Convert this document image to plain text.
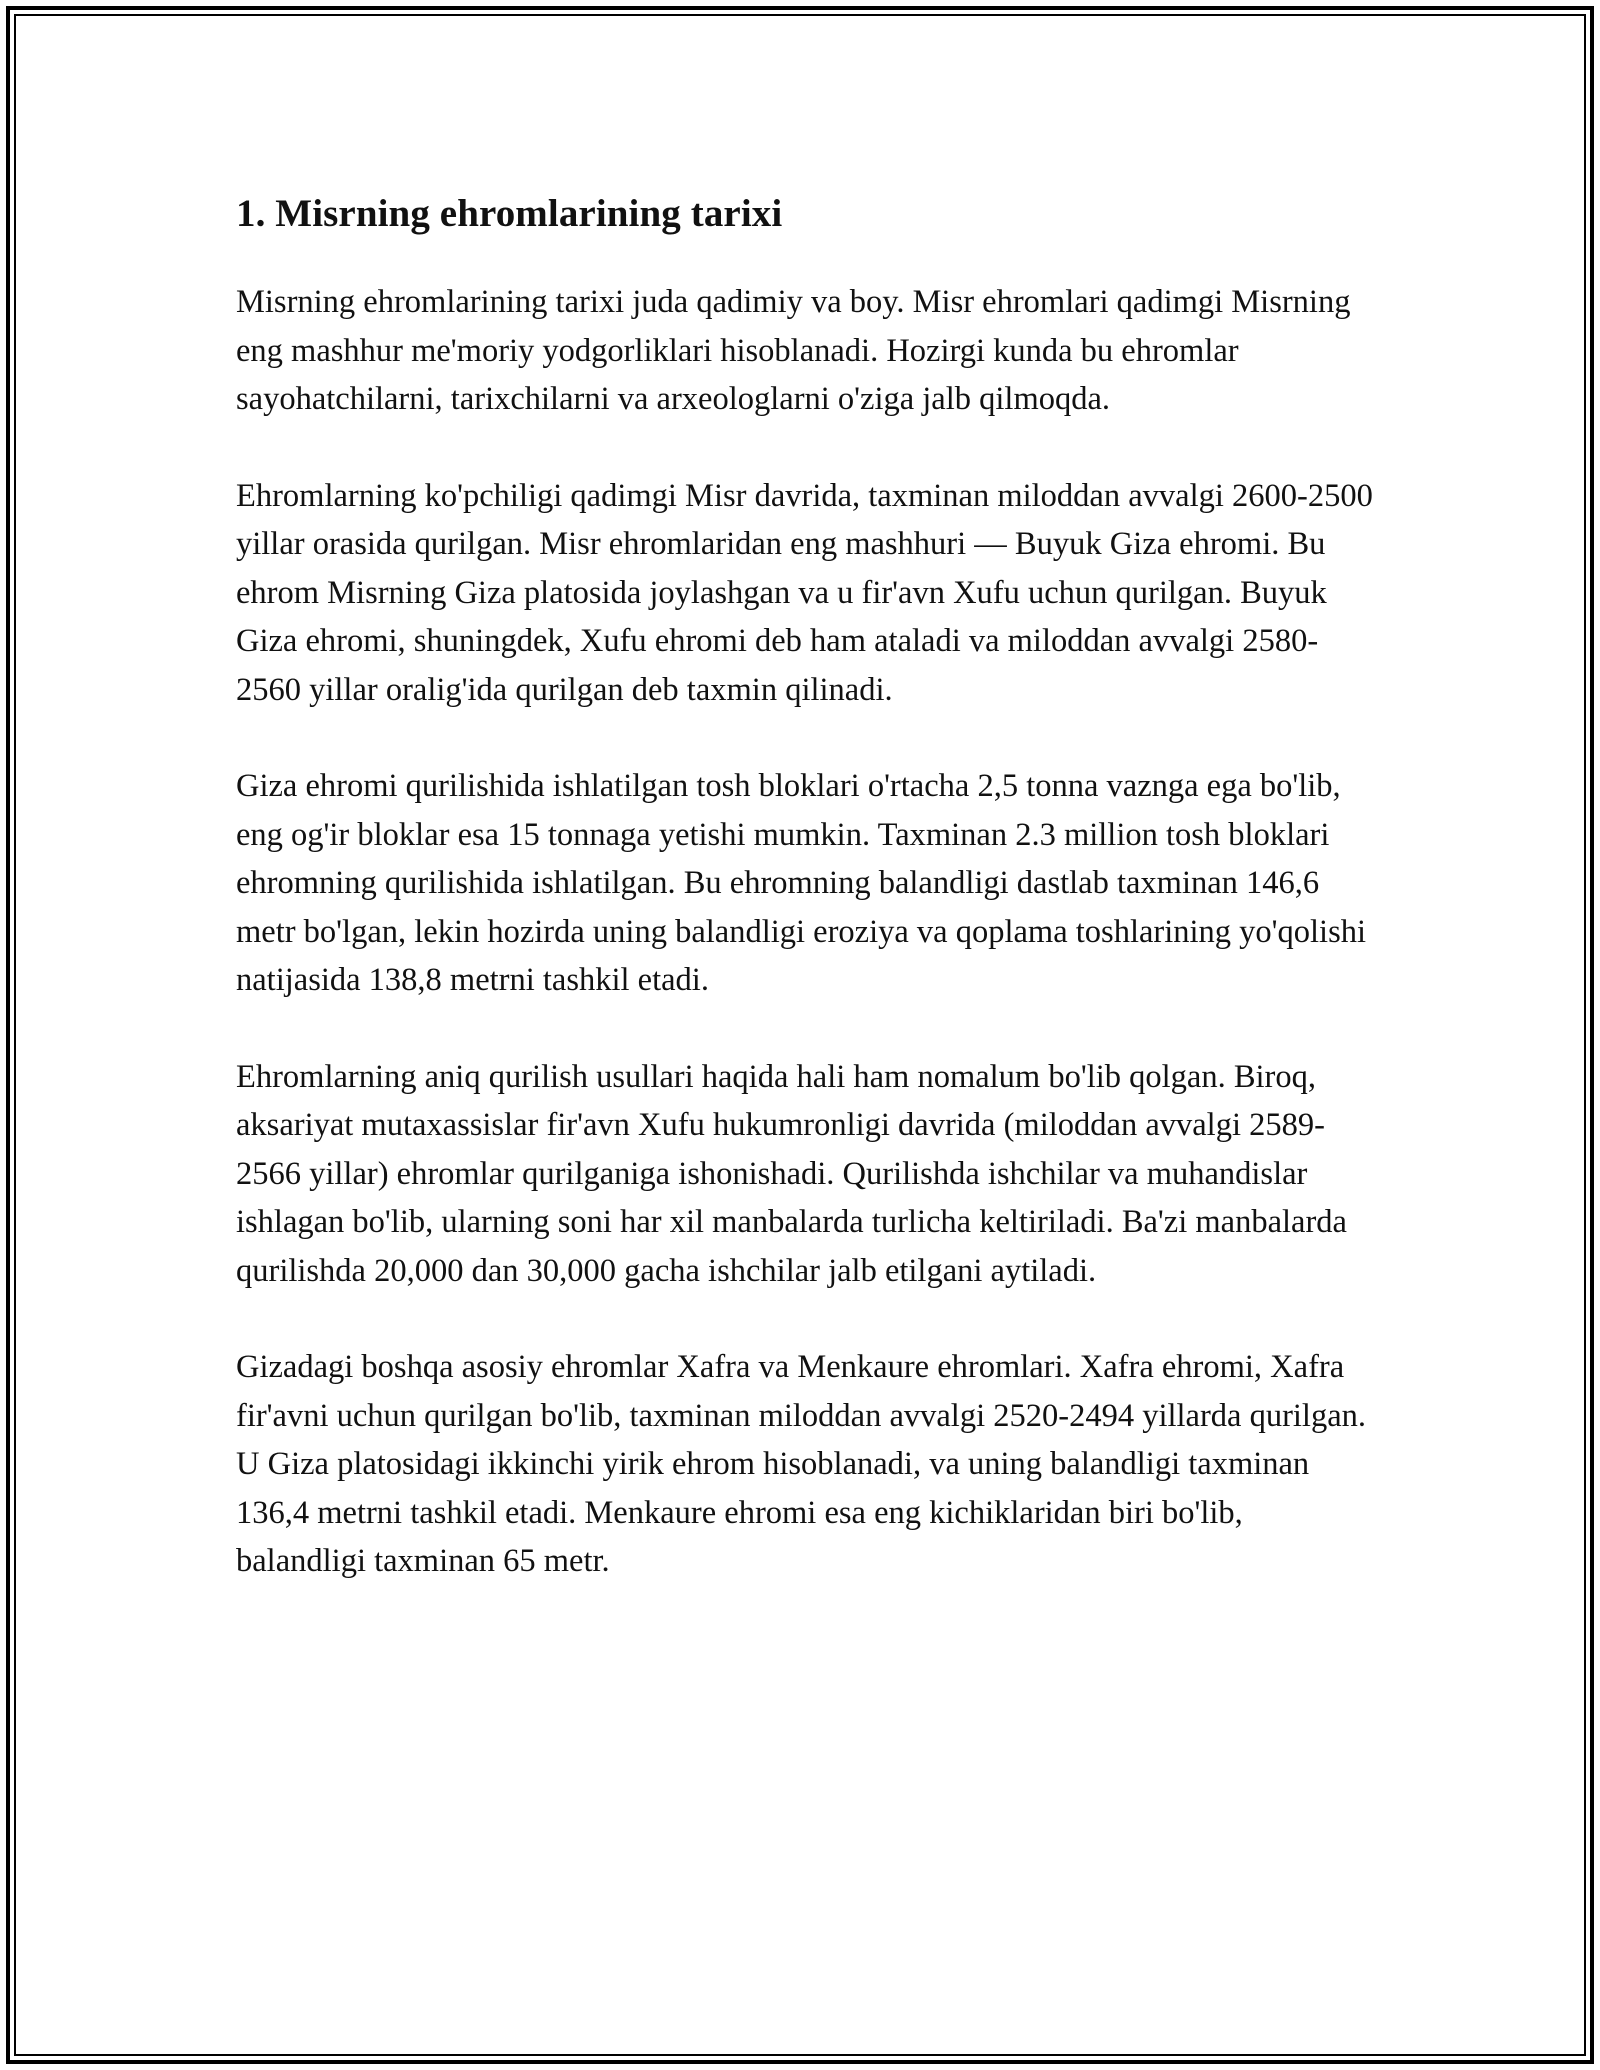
1. Misrning ehromlarining tarixi

Misrning ehromlarining tarixi juda qadimiy va boy. Misr ehromlari qadimgi Misrning eng mashhur me'moriy yodgorliklari hisoblanadi. Hozirgi kunda bu ehromlar sayohatchilarni, tarixchilarni va arxeologlarni o'ziga jalb qilmoqda.

Ehromlarning ko'pchiligi qadimgi Misr davrida, taxminan miloddan avvalgi 2600-2500 yillar orasida qurilgan. Misr ehromlaridan eng mashhuri — Buyuk Giza ehromi. Bu ehrom Misrning Giza platosida joylashgan va u fir'avn Xufu uchun qurilgan. Buyuk Giza ehromi, shuningdek, Xufu ehromi deb ham ataladi va miloddan avvalgi 2580-2560 yillar oralig'ida qurilgan deb taxmin qilinadi.

Giza ehromi qurilishida ishlatilgan tosh bloklari o'rtacha 2,5 tonna vaznga ega bo'lib, eng og'ir bloklar esa 15 tonnaga yetishi mumkin. Taxminan 2.3 million tosh bloklari ehromning qurilishida ishlatilgan. Bu ehromning balandligi dastlab taxminan 146,6 metr bo'lgan, lekin hozirda uning balandligi eroziya va qoplama toshlarining yo'qolishi natijasida 138,8 metrni tashkil etadi.

Ehromlarning aniq qurilish usullari haqida hali ham nomalum bo'lib qolgan. Biroq, aksariyat mutaxassislar fir'avn Xufu hukumronligi davrida (miloddan avvalgi 2589-2566 yillar) ehromlar qurilganiga ishonishadi. Qurilishda ishchilar va muhandislar ishlagan bo'lib, ularning soni har xil manbalarda turlicha keltiriladi. Ba'zi manbalarda qurilishda 20,000 dan 30,000 gacha ishchilar jalb etilgani aytiladi.

Gizadagi boshqa asosiy ehromlar Xafra va Menkaure ehromlari. Xafra ehromi, Xafra fir'avni uchun qurilgan bo'lib, taxminan miloddan avvalgi 2520-2494 yillarda qurilgan. U Giza platosidagi ikkinchi yirik ehrom hisoblanadi, va uning balandligi taxminan 136,4 metrni tashkil etadi. Menkaure ehromi esa eng kichiklaridan biri bo'lib, balandligi taxminan 65 metr.
